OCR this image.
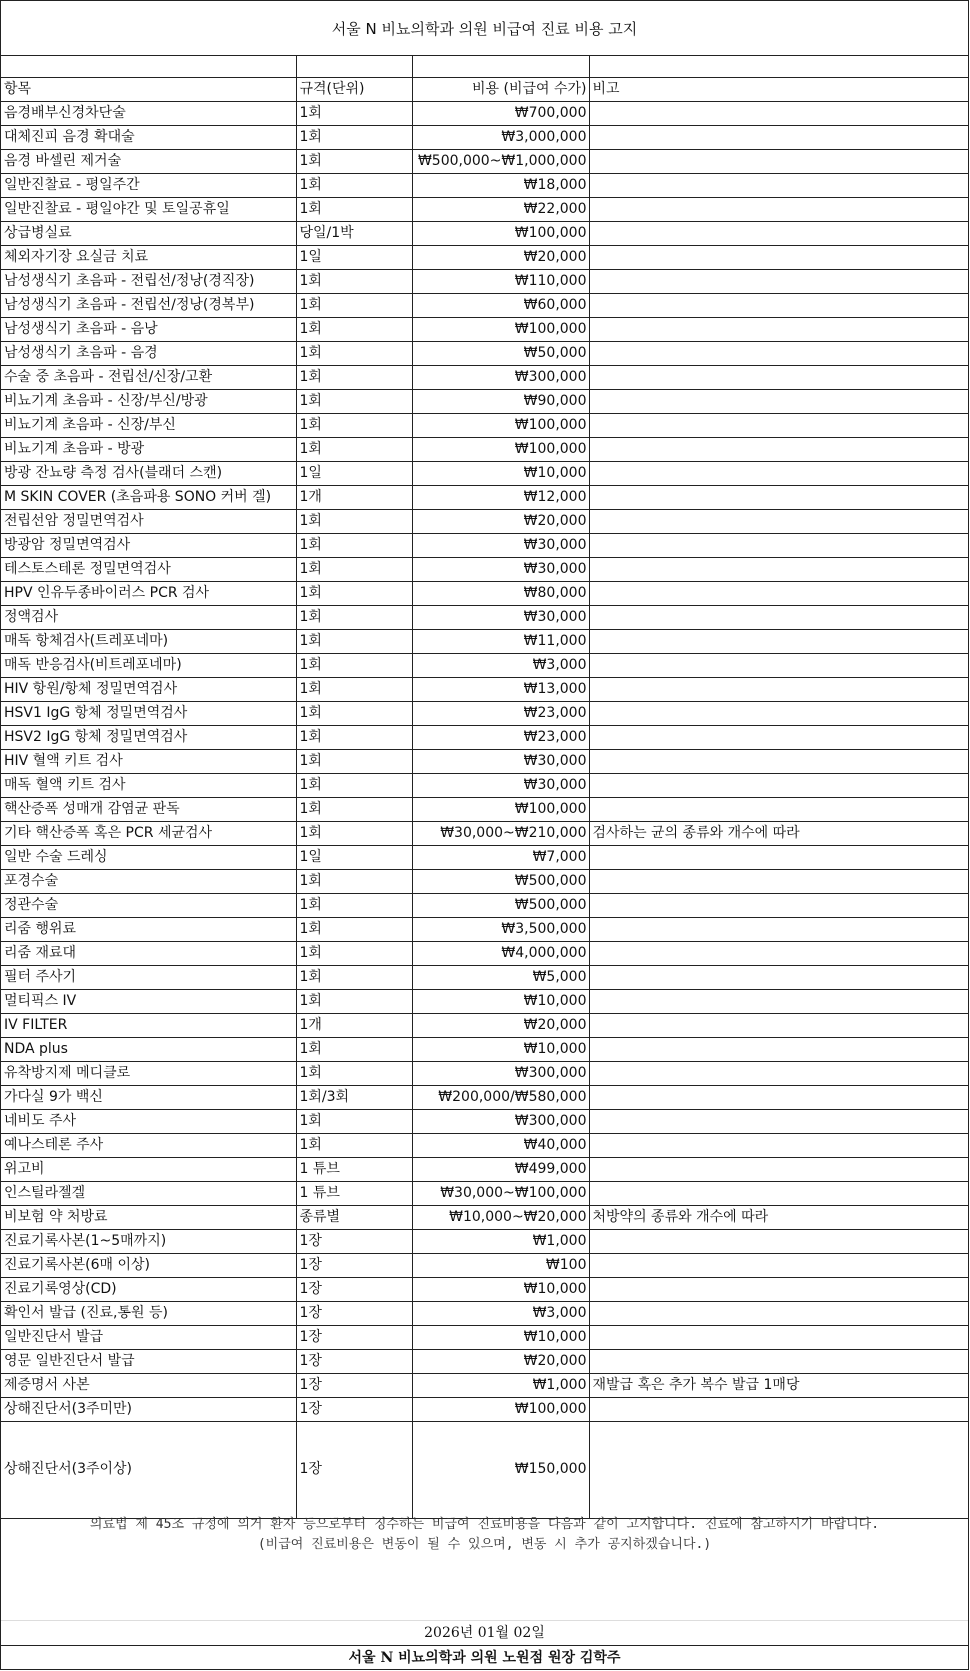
서울 N 비뇨의학과 의원 비급여 진료 비용 고지

항목	규격(단위)	비용 (비급여 수가)	비고
음경배부신경차단술	1회	₩700,000	
대체진피 음경 확대술	1회	₩3,000,000	
음경 바셀린 제거술	1회	₩500,000~₩1,000,000	
일반진찰료 - 평일주간	1회	₩18,000	
일반진찰료 - 평일야간 및 토일공휴일	1회	₩22,000	
상급병실료	당일/1박	₩100,000	
체외자기장 요실금 치료	1일	₩20,000	
남성생식기 초음파 - 전립선/정낭(경직장)	1회	₩110,000	
남성생식기 초음파 - 전립선/정낭(경복부)	1회	₩60,000	
남성생식기 초음파 - 음낭	1회	₩100,000	
남성생식기 초음파 - 음경	1회	₩50,000	
수술 중 초음파 - 전립선/신장/고환	1회	₩300,000	
비뇨기계 초음파 - 신장/부신/방광	1회	₩90,000	
비뇨기계 초음파 - 신장/부신	1회	₩100,000	
비뇨기계 초음파 - 방광	1회	₩100,000	
방광 잔뇨량 측정 검사(블래더 스캔)	1일	₩10,000	
M SKIN COVER (초음파용 SONO 커버 겔)	1개	₩12,000	
전립선암 정밀면역검사	1회	₩20,000	
방광암 정밀면역검사	1회	₩30,000	
테스토스테론 정밀면역검사	1회	₩30,000	
HPV 인유두종바이러스 PCR 검사	1회	₩80,000	
정액검사	1회	₩30,000	
매독 항체검사(트레포네마)	1회	₩11,000	
매독 반응검사(비트레포네마)	1회	₩3,000	
HIV 항원/항체 정밀면역검사	1회	₩13,000	
HSV1 IgG 항체 정밀면역검사	1회	₩23,000	
HSV2 IgG 항체 정밀면역검사	1회	₩23,000	
HIV 혈액 키트 검사	1회	₩30,000	
매독 혈액 키트 검사	1회	₩30,000	
핵산증폭 성매개 감염균 판독	1회	₩100,000	
기타 핵산증폭 혹은 PCR 세균검사	1회	₩30,000~₩210,000	검사하는 균의 종류와 개수에 따라
일반 수술 드레싱	1일	₩7,000	
포경수술	1회	₩500,000	
정관수술	1회	₩500,000	
리줌 행위료	1회	₩3,500,000	
리줌 재료대	1회	₩4,000,000	
필터 주사기	1회	₩5,000	
멀티픽스 IV	1회	₩10,000	
IV FILTER	1개	₩20,000	
NDA plus	1회	₩10,000	
유착방지제 메디클로	1회	₩300,000	
가다실 9가 백신	1회/3회	₩200,000/₩580,000	
네비도 주사	1회	₩300,000	
예나스테론 주사	1회	₩40,000	
위고비	1 튜브	₩499,000	
인스틸라젤겔	1 튜브	₩30,000~₩100,000	
비보험 약 처방료	종류별	₩10,000~₩20,000	처방약의 종류와 개수에 따라
진료기록사본(1~5매까지)	1장	₩1,000	
진료기록사본(6매 이상)	1장	₩100	
진료기록영상(CD)	1장	₩10,000	
확인서 발급 (진료,통원 등)	1장	₩3,000	
일반진단서 발급	1장	₩10,000	
영문 일반진단서 발급	1장	₩20,000	
제증명서 사본	1장	₩1,000	재발급 혹은 추가 복수 발급 1매당
상해진단서(3주미만)	1장	₩100,000	
상해진단서(3주이상)	1장	₩150,000	
의료법 제 45조 규정에 의거 환자 등으로부터 징수하는 비급여 진료비용을 다음과 같이 고지합니다. 진료에 참고하시기 바랍니다.
(비급여 진료비용은 변동이 될 수 있으며, 변동 시 추가 공지하겠습니다.)
2026년 01월 02일
서울 N 비뇨의학과 의원 노원점 원장 김학주
